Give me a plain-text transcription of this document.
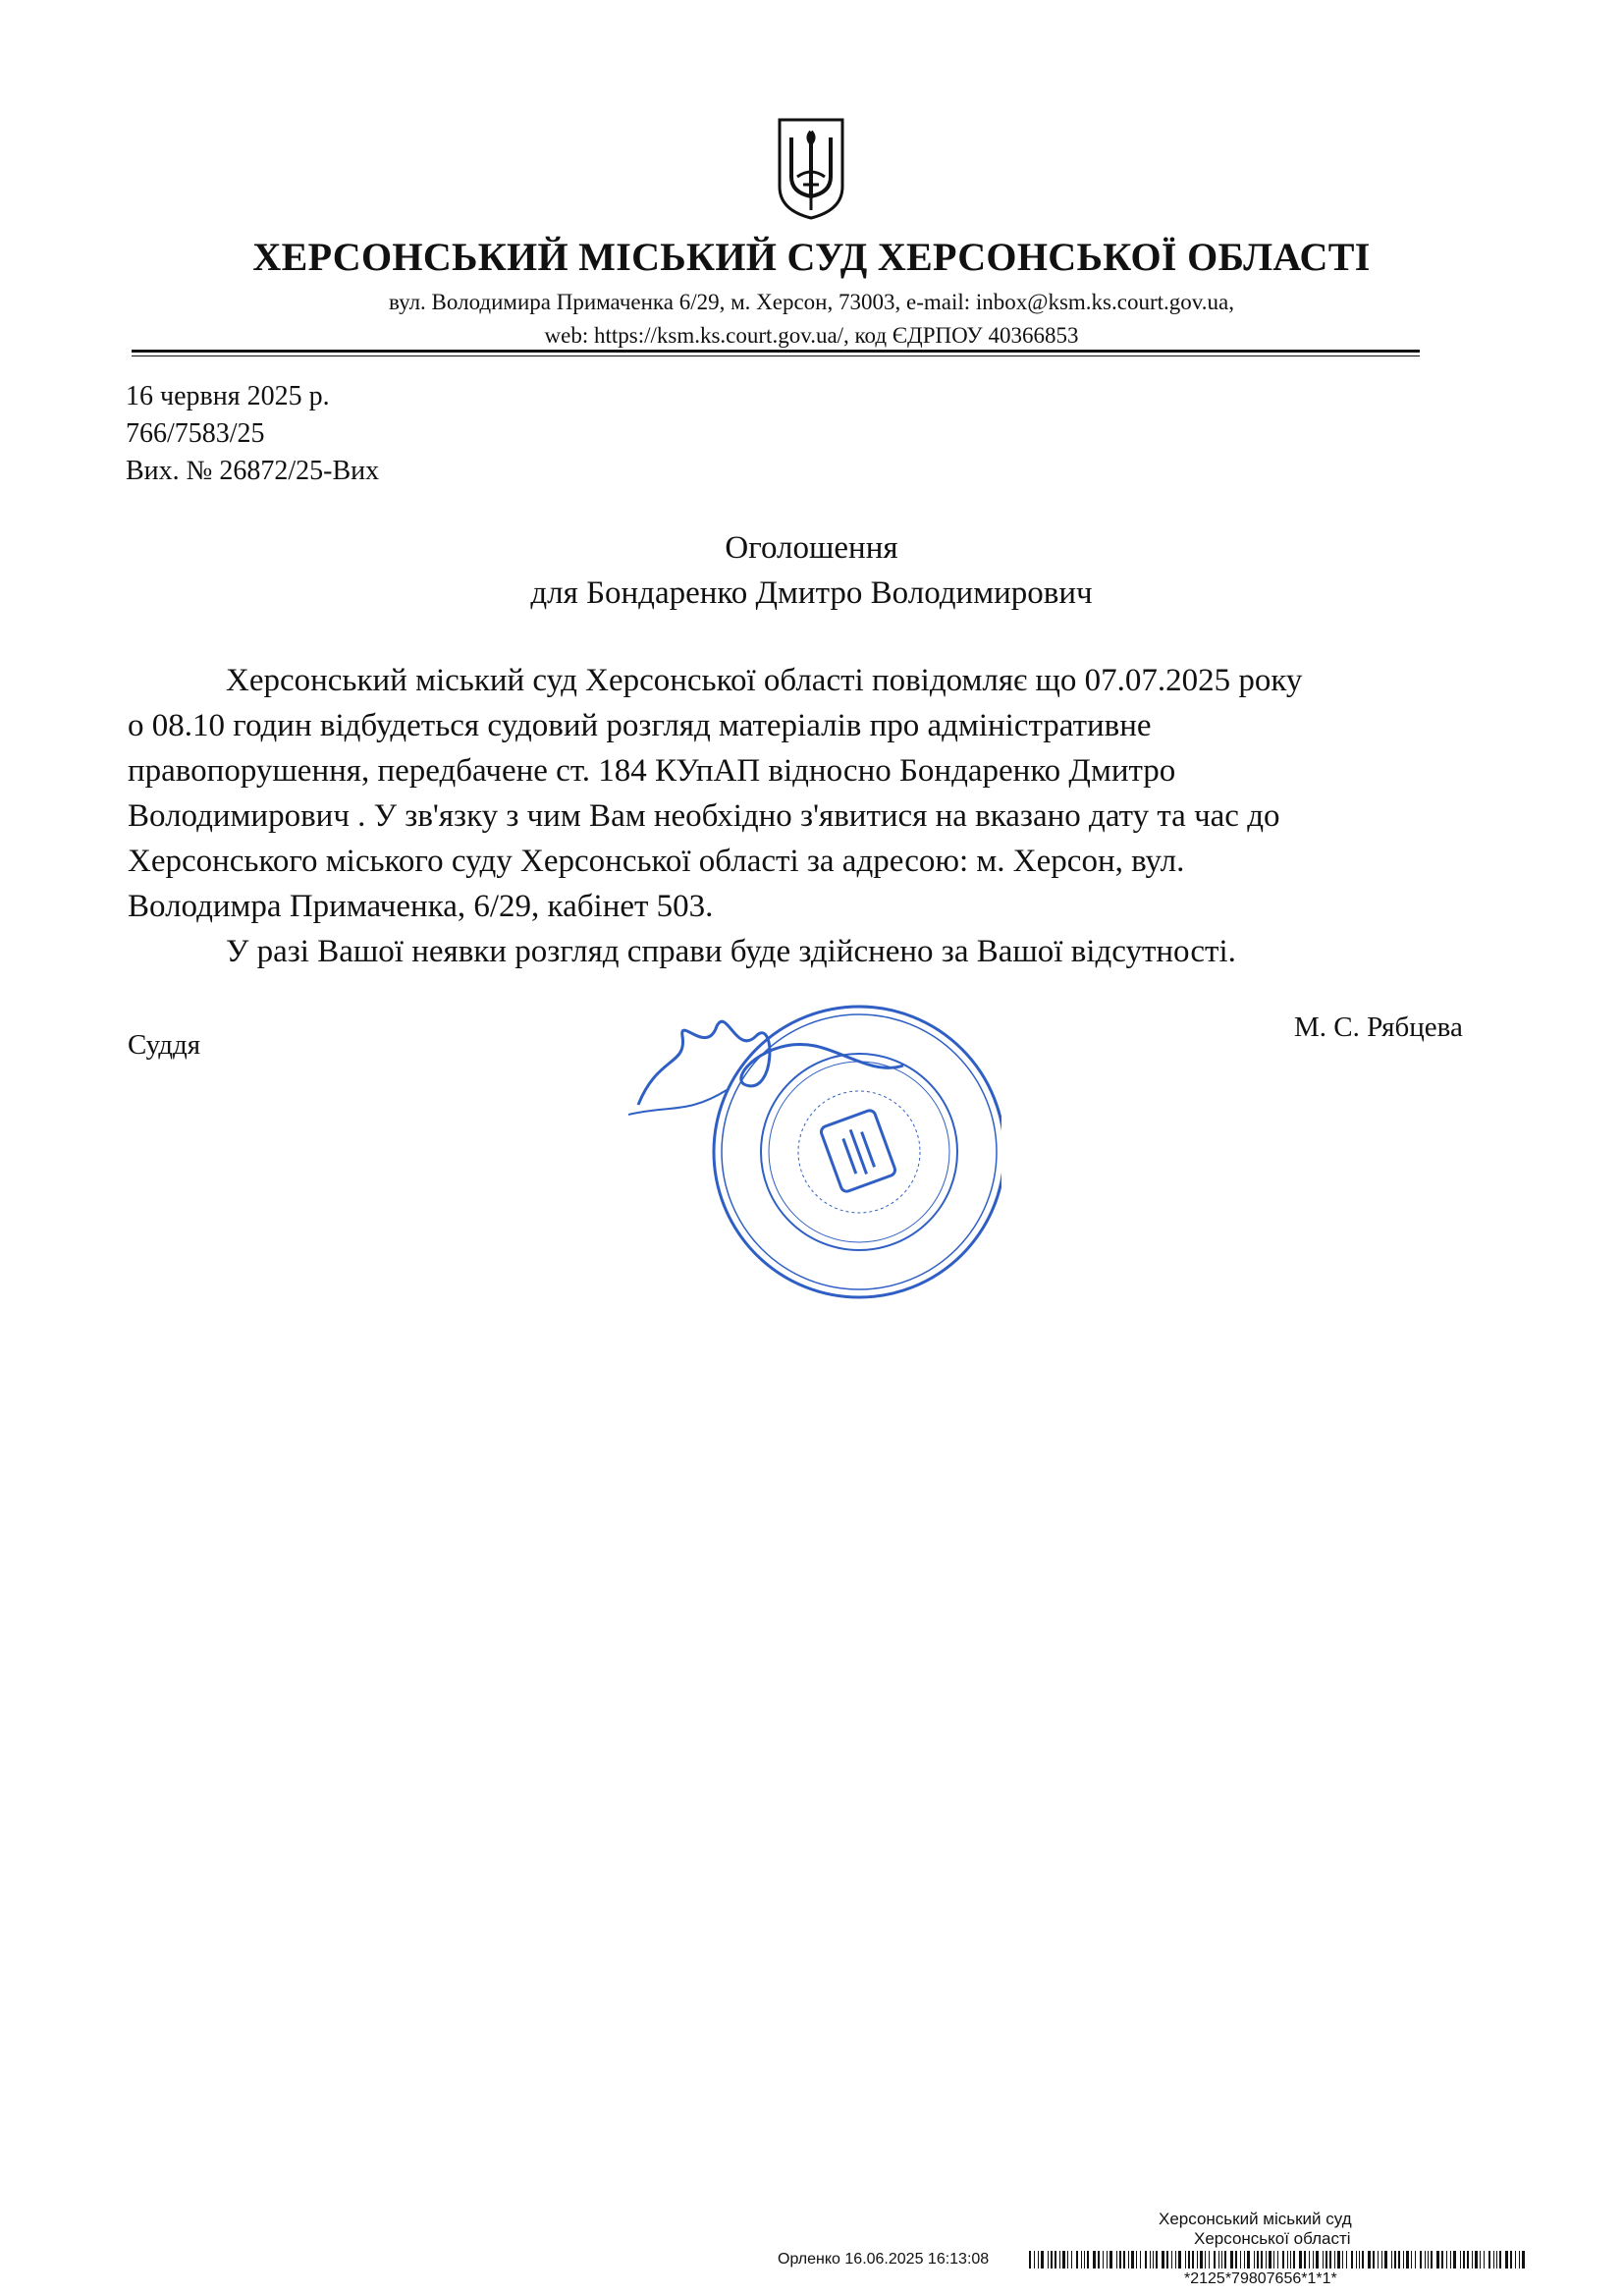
ХЕРСОНСЬКИЙ МІСЬКИЙ СУД ХЕРСОНСЬКОЇ ОБЛАСТІ
вул. Володимира Примаченка 6/29, м. Херсон, 73003, e-mail: inbox@ksm.ks.court.gov.ua,
web: https://ksm.ks.court.gov.ua/, код ЄДРПОУ 40366853
16 червня 2025 р.
766/7583/25
Вих. № 26872/25-Вих
Оголошення
для Бондаренко Дмитро Володимирович
Херсонський міський суд Херсонської області повідомляє що 07.07.2025 року
о 08.10 годин відбудеться судовий розгляд матеріалів про адміністративне
правопорушення, передбачене ст. 184 КУпАП відносно Бондаренко Дмитро
Володимирович . У зв'язку з чим Вам необхідно з'явитися на вказано дату та час до
Херсонського міського суду Херсонської області за адресою: м. Херсон, вул.
Володимра Примаченка, 6/29, кабінет 503.
У разі Вашої неявки розгляд справи буде здійснено за Вашої відсутності.
Суддя
М. С. Рябцева
Херсонський міський суд
Херсонської області
Орленко 16.06.2025 16:13:08
*2125*79807656*1*1*
